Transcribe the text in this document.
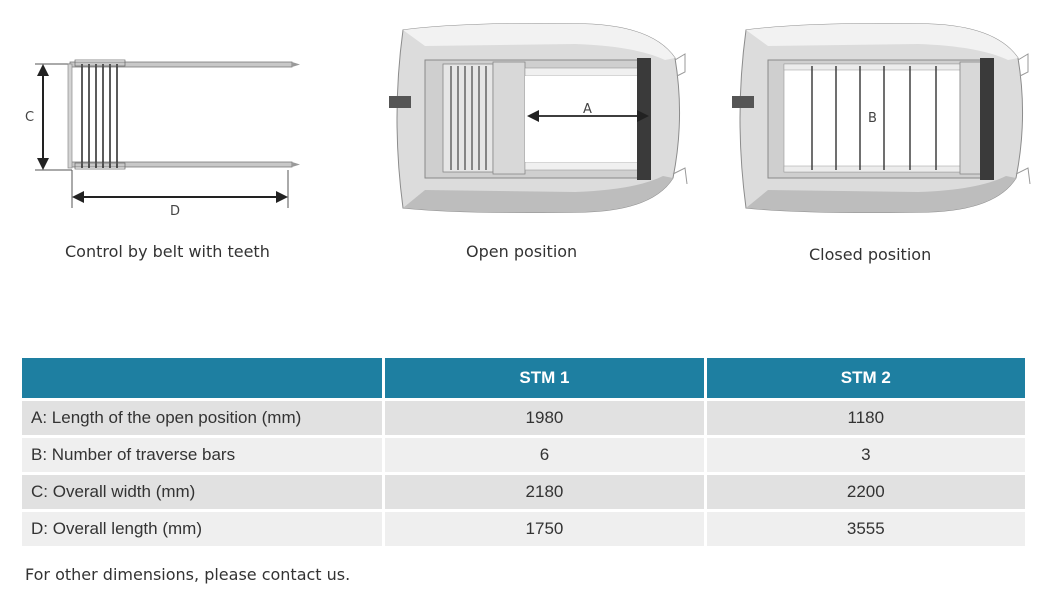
C
D
Control by belt with teeth
A
Open position
B
Closed position
	STM 1	STM 2
A: Length of the open position (mm)	1980	1180
B: Number of traverse bars	6	3
C: Overall width (mm)	2180	2200
D: Overall length (mm)	1750	3555
For other dimensions, please contact us.
